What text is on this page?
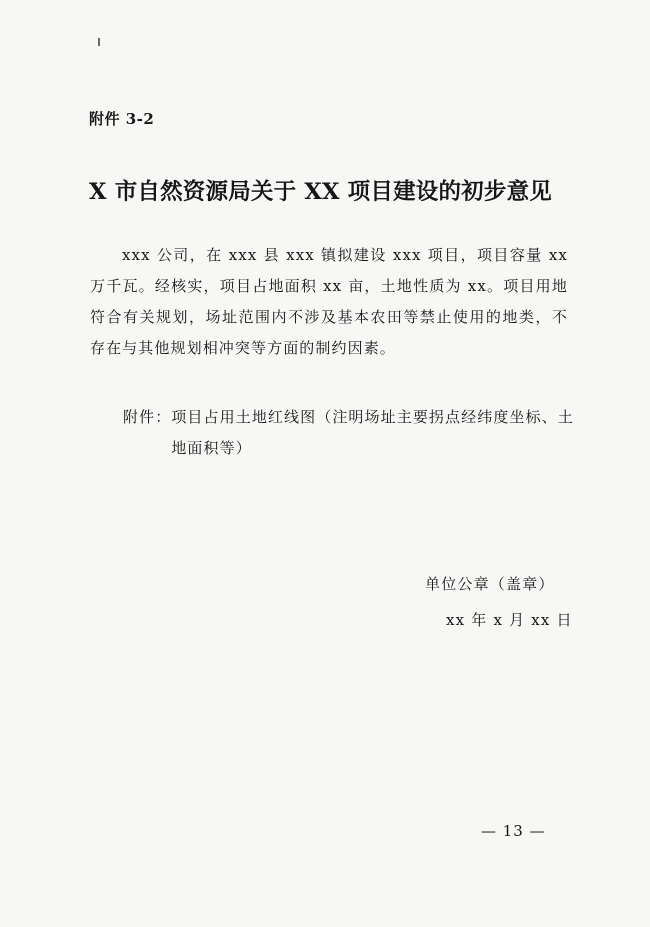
附件 3-2
X 市自然资源局关于 XX 项目建设的初步意见
xxx 公司，在 xxx 县 xxx 镇拟建设 xxx 项目，项目容量 xx 万千瓦。经核实，项目占地面积 xx 亩，土地性质为 xx。项目用地符合有关规划，场址范围内不涉及基本农田等禁止使用的地类，不存在与其他规划相冲突等方面的制约因素。
附件： 项目占用土地红线图（注明场址主要拐点经纬度坐标、土地面积等）
单位公章（盖章）
xx 年 x 月 xx 日
— 13 —
